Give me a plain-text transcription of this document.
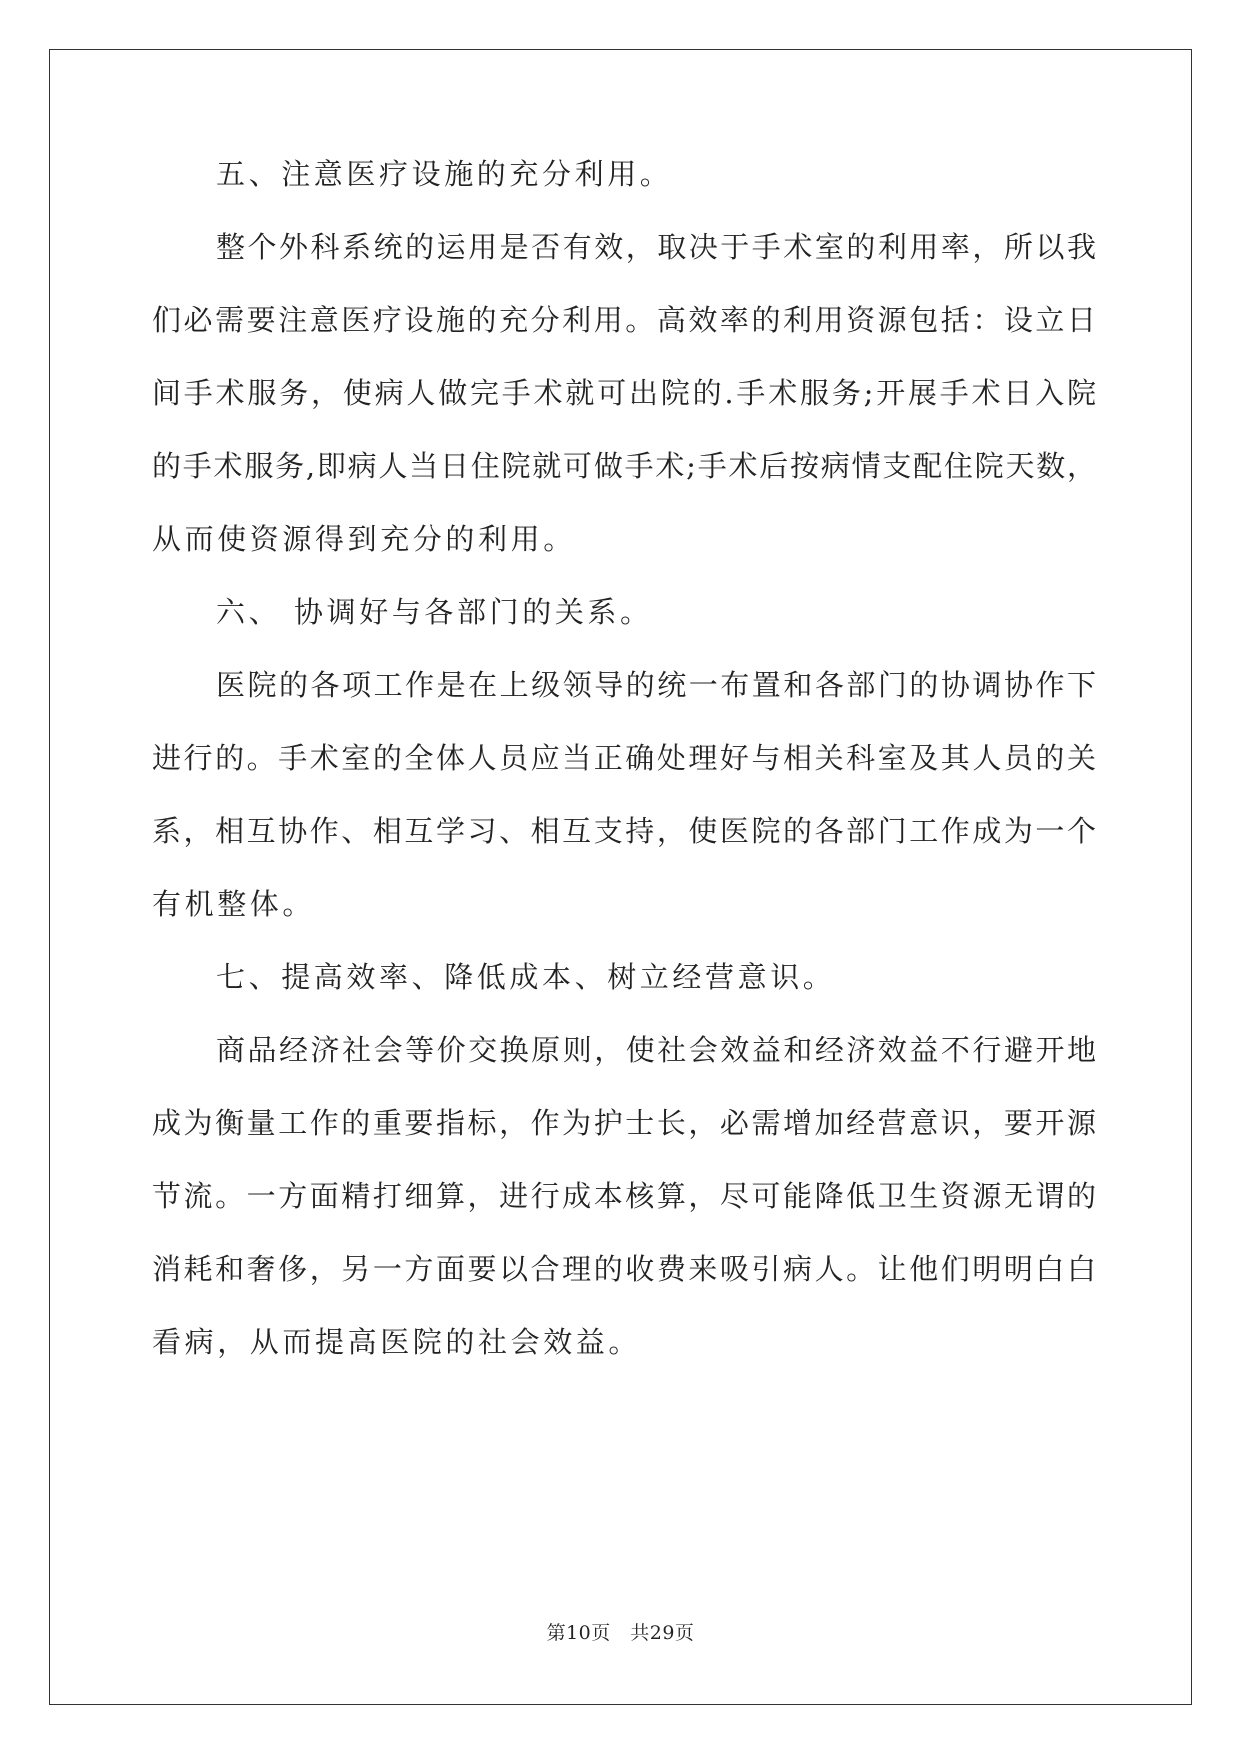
五、注意医疗设施的充分利用。
整个外科系统的运用是否有效，取决于手术室的利用率，所以我
们必需要注意医疗设施的充分利用。高效率的利用资源包括：设立日
间手术服务，使病人做完手术就可出院的.手术服务;开展手术日入院
的手术服务,即病人当日住院就可做手术;手术后按病情支配住院天数，
从而使资源得到充分的利用。
六、 协调好与各部门的关系。
医院的各项工作是在上级领导的统一布置和各部门的协调协作下
进行的。手术室的全体人员应当正确处理好与相关科室及其人员的关
系，相互协作、相互学习、相互支持，使医院的各部门工作成为一个
有机整体。
七、提高效率、降低成本、树立经营意识。
商品经济社会等价交换原则，使社会效益和经济效益不行避开地
成为衡量工作的重要指标，作为护士长，必需增加经营意识，要开源
节流。一方面精打细算，进行成本核算，尽可能降低卫生资源无谓的
消耗和奢侈，另一方面要以合理的收费来吸引病人。让他们明明白白
看病，从而提高医院的社会效益。
第10页　共29页
